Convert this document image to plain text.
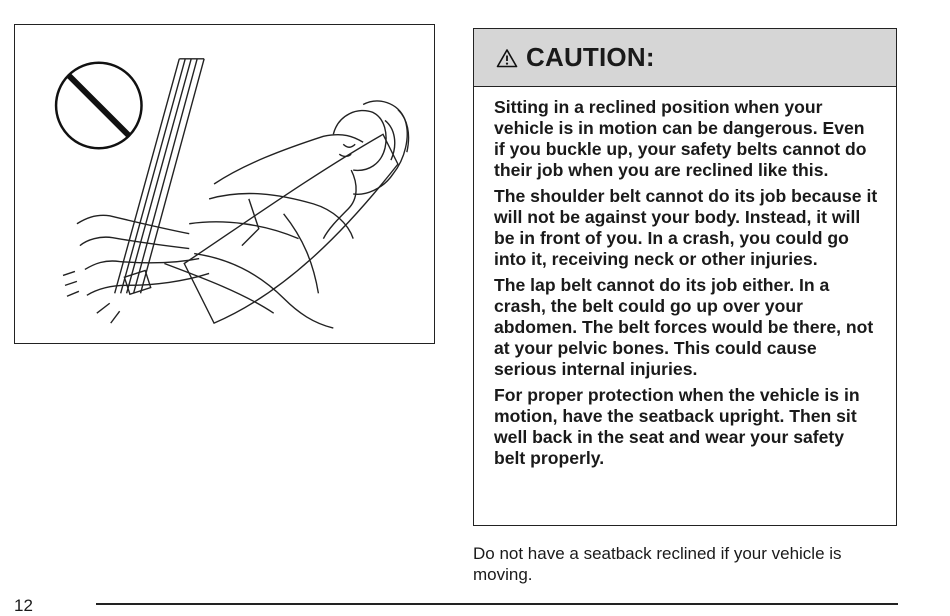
CAUTION:

Sitting in a reclined position when your vehicle is in motion can be dangerous. Even if you buckle up, your safety belts cannot do their job when you are reclined like this.

The shoulder belt cannot do its job because it will not be against your body. Instead, it will be in front of you. In a crash, you could go into it, receiving neck or other injuries.

The lap belt cannot do its job either. In a crash, the belt could go up over your abdomen. The belt forces would be there, not at your pelvic bones. This could cause serious internal injuries.

For proper protection when the vehicle is in motion, have the seatback upright. Then sit well back in the seat and wear your safety belt properly.

Do not have a seatback reclined if your vehicle is moving.

12
